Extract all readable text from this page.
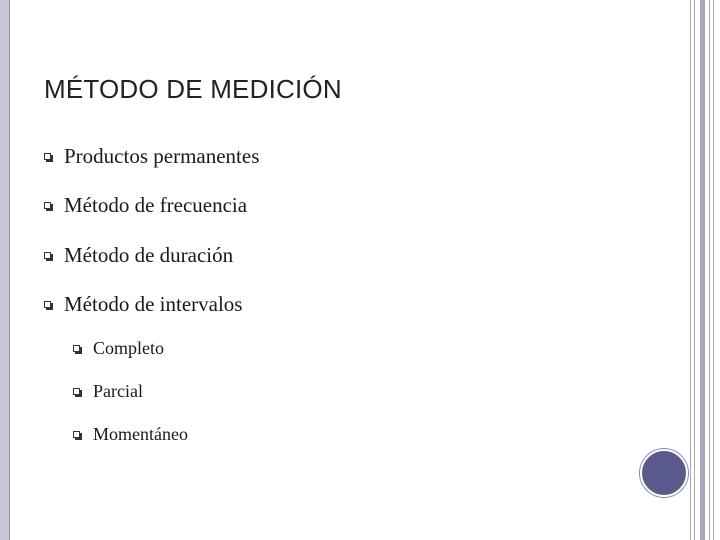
MÉTODO DE MEDICIÓN
Productos permanentes
Método de frecuencia
Método de duración
Método de intervalos
Completo
Parcial
Momentáneo
